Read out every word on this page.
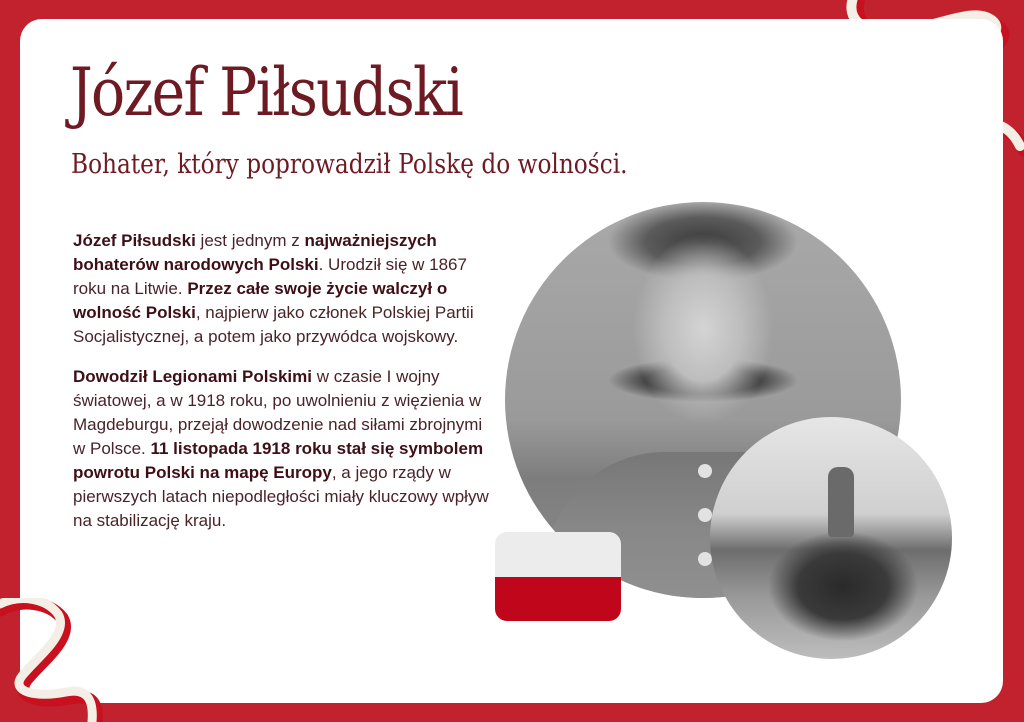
Józef Piłsudski
Bohater, który poprowadził Polskę do wolności.

Józef Piłsudski jest jednym z najważniejszych bohaterów narodowych Polski. Urodził się w 1867 roku na Litwie. Przez całe swoje życie walczył o wolność Polski, najpierw jako członek Polskiej Partii Socjalistycznej, a potem jako przywódca wojskowy.

Dowodził Legionami Polskimi w czasie I wojny światowej, a w 1918 roku, po uwolnieniu z więzienia w Magdeburgu, przejął dowodzenie nad siłami zbrojnymi w Polsce. 11 listopada 1918 roku stał się symbolem powrotu Polski na mapę Europy, a jego rządy w pierwszych latach niepodległości miały kluczowy wpływ na stabilizację kraju.
